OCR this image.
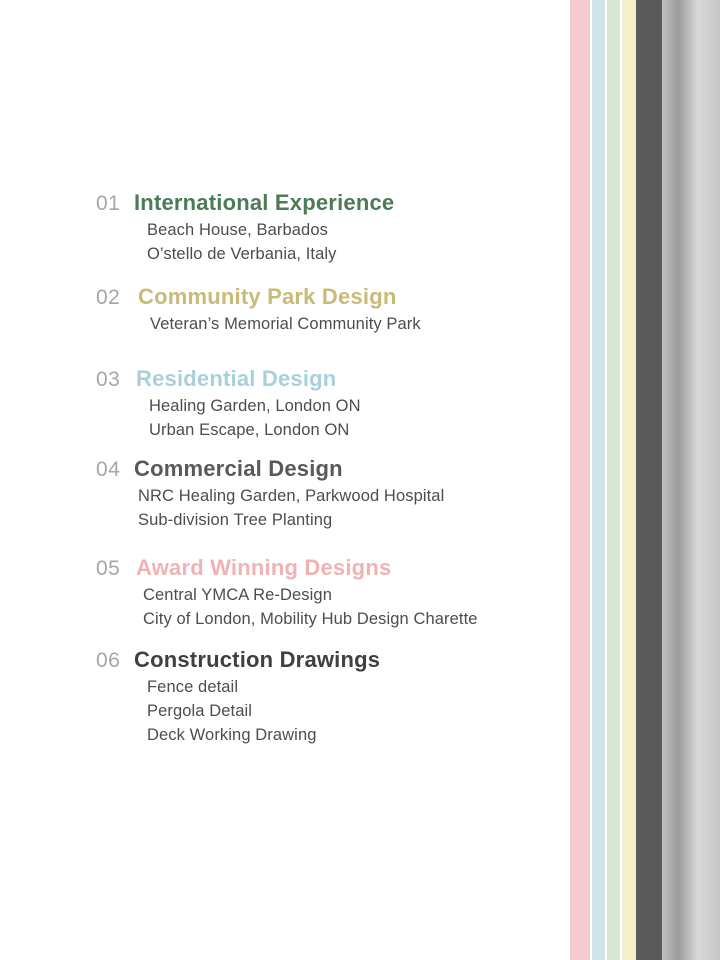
01 International Experience
Beach House, Barbados
O’stello de Verbania, Italy
02 Community Park Design
Veteran’s Memorial Community Park
03 Residential Design
Healing Garden, London ON
Urban Escape, London ON
04 Commercial Design
NRC Healing Garden, Parkwood Hospital
Sub-division Tree Planting
05 Award Winning Designs
Central YMCA Re-Design
City of London, Mobility Hub Design Charette
06 Construction Drawings
Fence detail
Pergola Detail
Deck Working Drawing
